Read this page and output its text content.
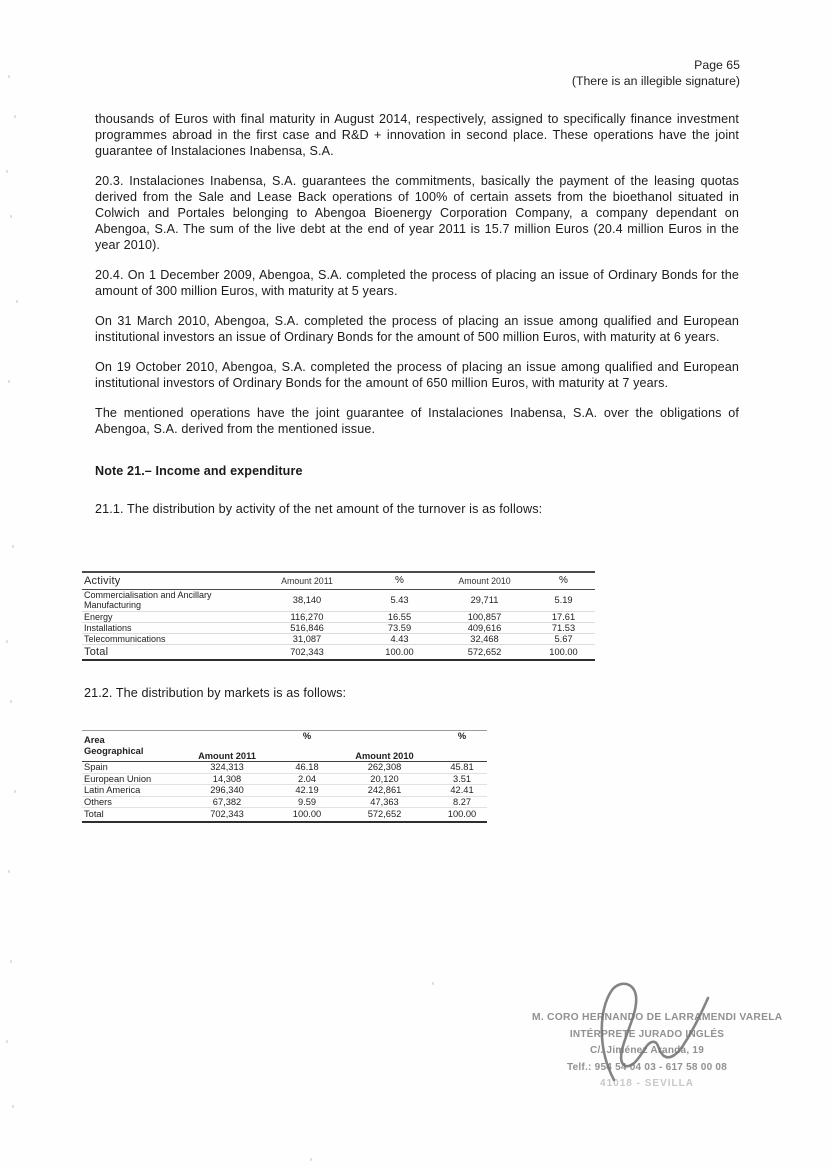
Page 65
(There is an illegible signature)

thousands of Euros with final maturity in August 2014, respectively, assigned to specifically finance investment programmes abroad in the first case and R&D + innovation in second place. These operations have the joint guarantee of Instalaciones Inabensa, S.A.

20.3. Instalaciones Inabensa, S.A. guarantees the commitments, basically the payment of the leasing quotas derived from the Sale and Lease Back operations of 100% of certain assets from the bioethanol situated in Colwich and Portales belonging to Abengoa Bioenergy Corporation Company, a company dependant on Abengoa, S.A. The sum of the live debt at the end of year 2011 is 15.7 million Euros (20.4 million Euros in the year 2010).

20.4. On 1 December 2009, Abengoa, S.A. completed the process of placing an issue of Ordinary Bonds for the amount of 300 million Euros, with maturity at 5 years.

On 31 March 2010, Abengoa, S.A. completed the process of placing an issue among qualified and European institutional investors an issue of Ordinary Bonds for the amount of 500 million Euros, with maturity at 6 years.

On 19 October 2010, Abengoa, S.A. completed the process of placing an issue among qualified and European institutional investors of Ordinary Bonds for the amount of 650 million Euros, with maturity at 7 years.

The mentioned operations have the joint guarantee of Instalaciones Inabensa, S.A. over the obligations of Abengoa, S.A. derived from the mentioned issue.

Note 21.– Income and expenditure

21.1. The distribution by activity of the net amount of the turnover is as follows:

Activity	Amount 2011	%	Amount 2010	%
Commercialisation and Ancillary Manufacturing	38,140	5.43	29,711	5.19
Energy	116,270	16.55	100,857	17.61
Installations	516,846	73.59	409,616	71.53
Telecommunications	31,087	4.43	32,468	5.67
Total	702,343	100.00	572,652	100.00
21.2. The distribution by markets is as follows:
Area
Geographical	Amount 2011	%	Amount 2010	%
Spain	324,313	46.18	262,308	45.81
European Union	14,308	2.04	20,120	3.51
Latin America	296,340	42.19	242,861	42.41
Others	67,382	9.59	47,363	8.27
Total	702,343	100.00	572,652	100.00
M. CORO HERNANDO DE LARRAMENDI VARELA
INTÉRPRETE JURADO INGLÉS
C/. Jiménez Aranda, 19
Telf.: 954 54 04 03 - 617 58 00 08
41018 - SEVILLA
